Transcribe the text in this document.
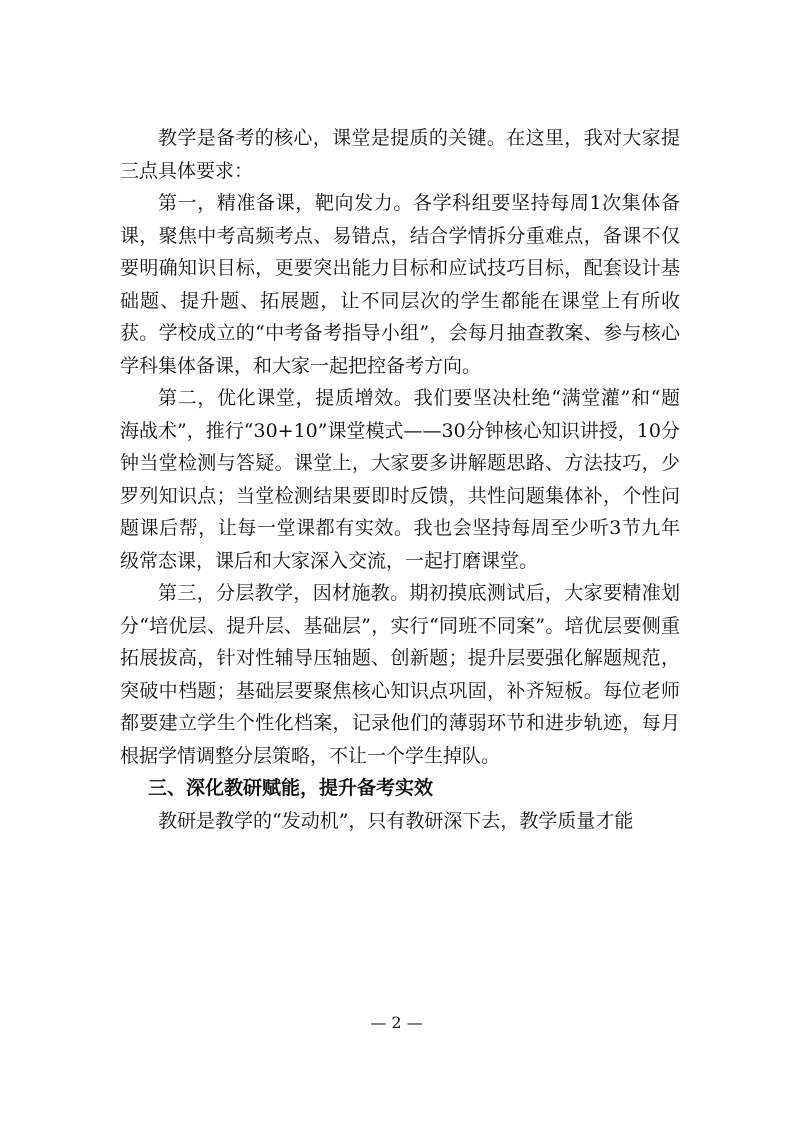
教学是备考的核心，课堂是提质的关键。在这里，我对大家提三点具体要求：

第一，精准备课，靶向发力。各学科组要坚持每周1次集体备课，聚焦中考高频考点、易错点，结合学情拆分重难点，备课不仅要明确知识目标，更要突出能力目标和应试技巧目标，配套设计基础题、提升题、拓展题，让不同层次的学生都能在课堂上有所收获。学校成立的“中考备考指导小组”，会每月抽查教案、参与核心学科集体备课，和大家一起把控备考方向。

第二，优化课堂，提质增效。我们要坚决杜绝“满堂灌”和“题海战术”，推行“30+10”课堂模式——30分钟核心知识讲授，10分钟当堂检测与答疑。课堂上，大家要多讲解题思路、方法技巧，少罗列知识点；当堂检测结果要即时反馈，共性问题集体补，个性问题课后帮，让每一堂课都有实效。我也会坚持每周至少听3节九年级常态课，课后和大家深入交流，一起打磨课堂。

第三，分层教学，因材施教。期初摸底测试后，大家要精准划分“培优层、提升层、基础层”，实行“同班不同案”。培优层要侧重拓展拔高，针对性辅导压轴题、创新题；提升层要强化解题规范，突破中档题；基础层要聚焦核心知识点巩固，补齐短板。每位老师都要建立学生个性化档案，记录他们的薄弱环节和进步轨迹，每月根据学情调整分层策略，不让一个学生掉队。

三、深化教研赋能，提升备考实效

教研是教学的“发动机”，只有教研深下去，教学质量才能

— 2 —
